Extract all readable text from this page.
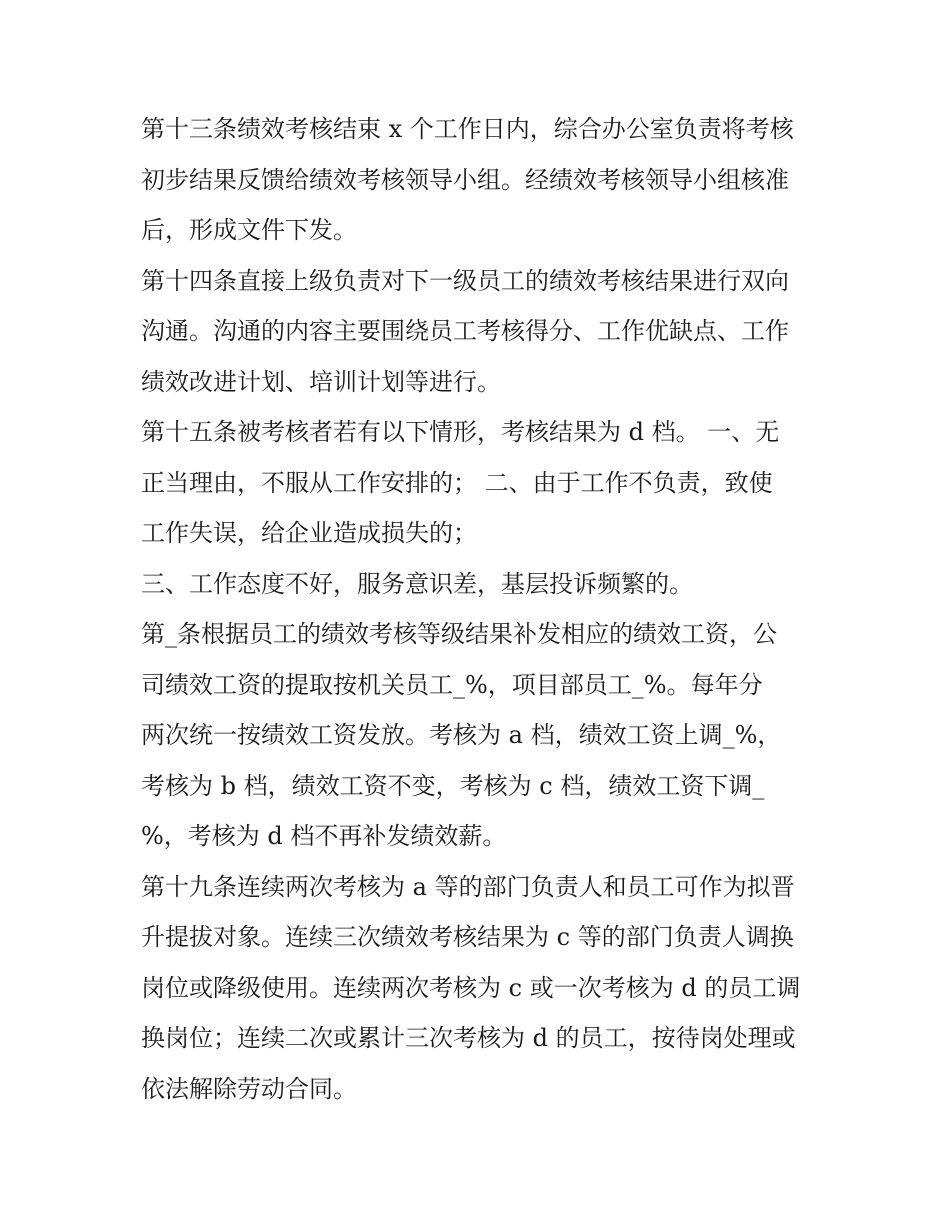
第十三条绩效考核结束 x 个工作日内，综合办公室负责将考核
初步结果反馈给绩效考核领导小组。经绩效考核领导小组核准
后，形成文件下发。

第十四条直接上级负责对下一级员工的绩效考核结果进行双向
沟通。沟通的内容主要围绕员工考核得分、工作优缺点、工作
绩效改进计划、培训计划等进行。

第十五条被考核者若有以下情形，考核结果为 d 档。 一、无
正当理由，不服从工作安排的； 二、由于工作不负责，致使
工作失误，给企业造成损失的；

三、工作态度不好，服务意识差，基层投诉频繁的。

第_条根据员工的绩效考核等级结果补发相应的绩效工资，公
司绩效工资的提取按机关员工_%，项目部员工_%。每年分
两次统一按绩效工资发放。考核为 a 档，绩效工资上调_%，
考核为 b 档，绩效工资不变，考核为 c 档，绩效工资下调_
%，考核为 d 档不再补发绩效薪。

第十九条连续两次考核为 a 等的部门负责人和员工可作为拟晋
升提拔对象。连续三次绩效考核结果为 c 等的部门负责人调换
岗位或降级使用。连续两次考核为 c 或一次考核为 d 的员工调
换岗位；连续二次或累计三次考核为 d 的员工，按待岗处理或
依法解除劳动合同。
